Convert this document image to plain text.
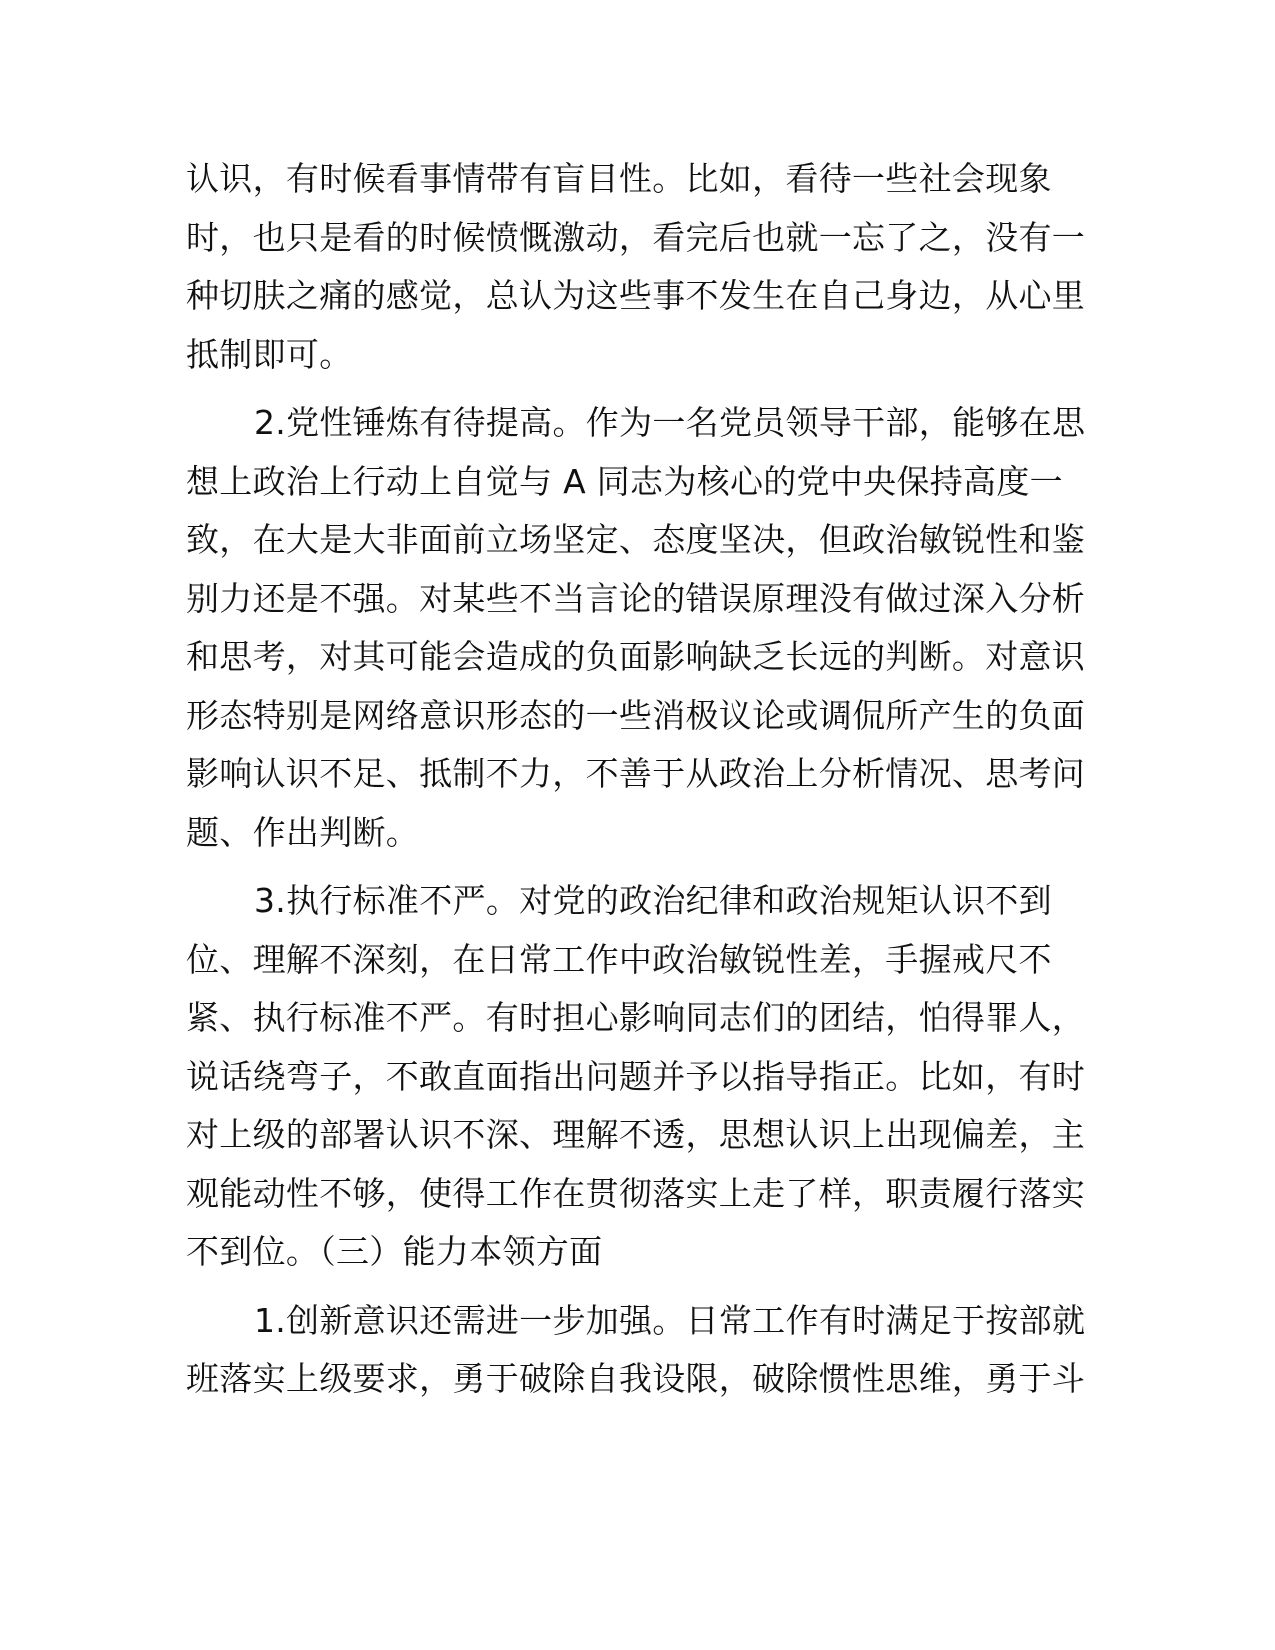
认识，有时候看事情带有盲目性。比如，看待一些社会现象
时，也只是看的时候愤慨激动，看完后也就一忘了之，没有一
种切肤之痛的感觉，总认为这些事不发生在自己身边，从心里
抵制即可。
2.党性锤炼有待提高。作为一名党员领导干部，能够在思
想上政治上行动上自觉与 A 同志为核心的党中央保持高度一
致，在大是大非面前立场坚定、态度坚决，但政治敏锐性和鉴
别力还是不强。对某些不当言论的错误原理没有做过深入分析
和思考，对其可能会造成的负面影响缺乏长远的判断。对意识
形态特别是网络意识形态的一些消极议论或调侃所产生的负面
影响认识不足、抵制不力，不善于从政治上分析情况、思考问
题、作出判断。
3.执行标准不严。对党的政治纪律和政治规矩认识不到
位、理解不深刻，在日常工作中政治敏锐性差，手握戒尺不
紧、执行标准不严。有时担心影响同志们的团结，怕得罪人，
说话绕弯子，不敢直面指出问题并予以指导指正。比如，有时
对上级的部署认识不深、理解不透，思想认识上出现偏差，主
观能动性不够，使得工作在贯彻落实上走了样，职责履行落实
不到位。（三）能力本领方面
1.创新意识还需进一步加强。日常工作有时满足于按部就
班落实上级要求，勇于破除自我设限，破除惯性思维，勇于斗
